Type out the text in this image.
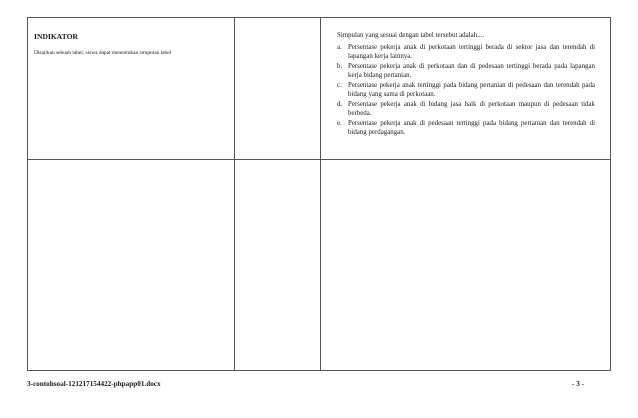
INDIKATOR
Disajikan sebuah tabel, siswa dapat menentukan simpulan tabel

Simpulan yang sesuai dengan tabel tersebut adalah....

a. Persentase pekerja anak di perkotaan tertinggi berada di sektor jasa dan terendah di lapangan kerja lainnya.
b. Persentase pekerja anak di perkotaan dan di pedesaan tertinggi berada pada lapangan kerja bidang pertanian.
c. Persentase pekerja anak tertinggi pada bidang pertanian di pedesaan dan terendah pada bidang yang sama di perkotaan.
d. Persentase pekerja anak di bidang jasa baik di perkotaan maupun di pedesaan tidak berbeda.
e. Persentase pekerja anak di pedesaan tertinggi pada bidang pertanian dan terendah di bidang perdagangan.
3-contohsoal-121217154422-phpapp01.docx	- 3 -
